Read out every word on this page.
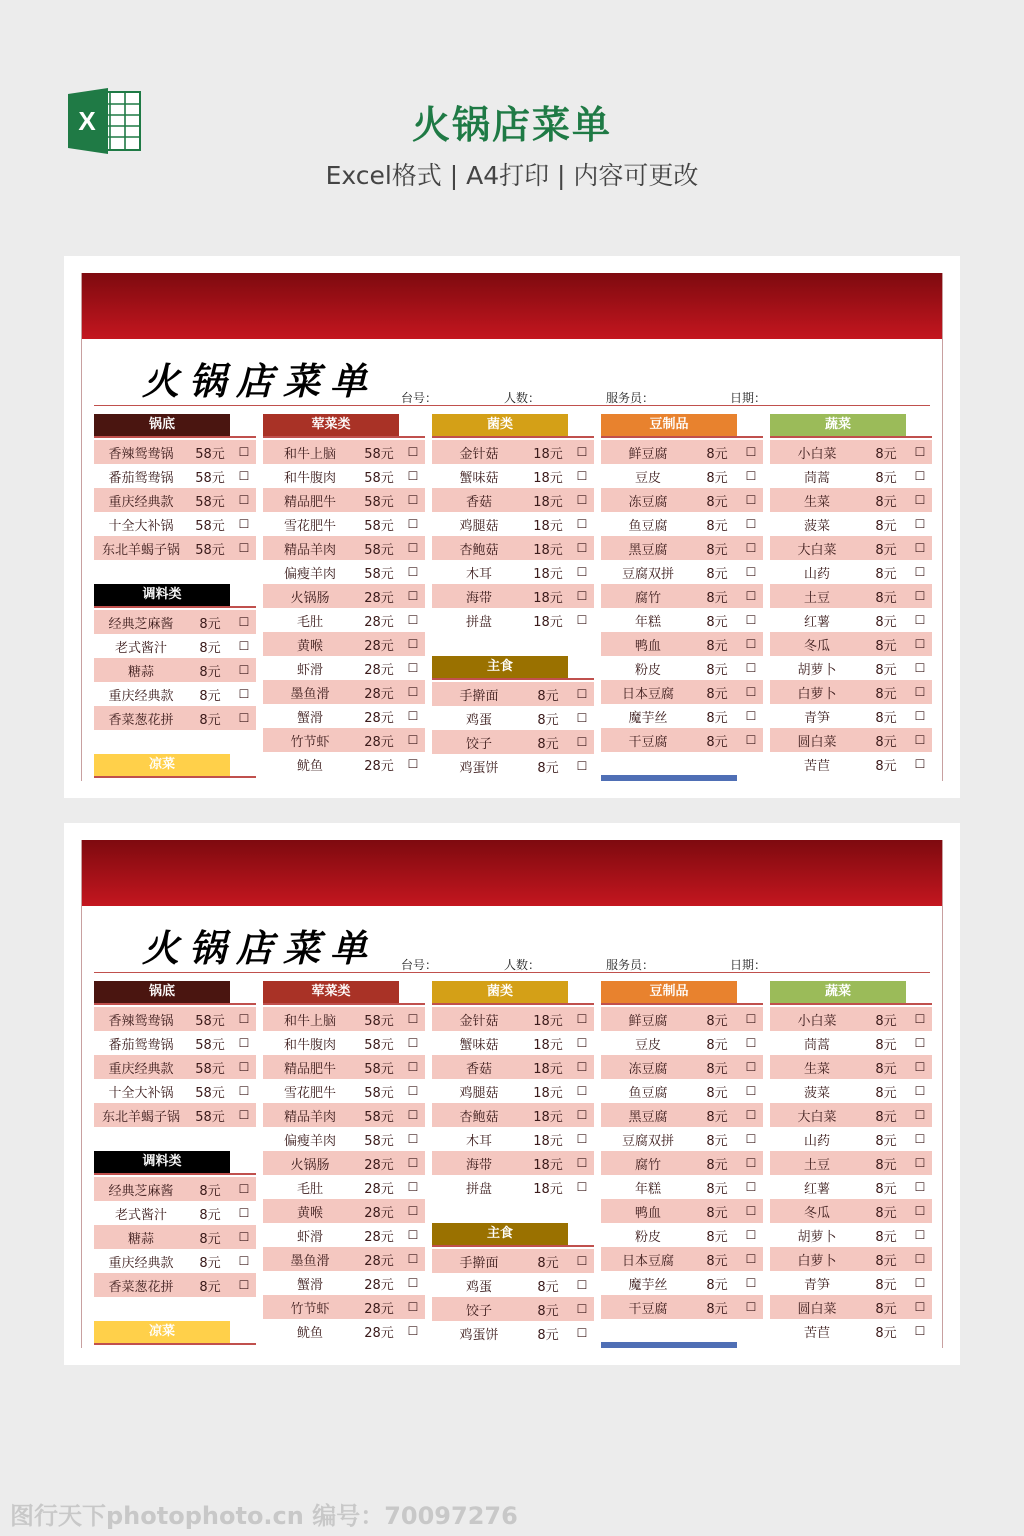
X	火锅店菜单
Excel格式 | A4打印 | 内容可更改
火锅店菜单 台号：	人数：	服务员：	日期：
锅底
香辣鸳鸯锅	58元	☐
番茄鸳鸯锅	58元	☐
重庆经典款	58元	☐
十全大补锅	58元	☐
东北羊蝎子锅	58元	☐
调料类
经典芝麻酱	8元	☐
老式酱汁	8元	☐
糖蒜	8元	☐
重庆经典款	8元	☐
香菜葱花拼	8元	☐
凉菜
荤菜类
和牛上脑	58元	☐
和牛腹肉	58元	☐
精品肥牛	58元	☐
雪花肥牛	58元	☐
精品羊肉	58元	☐
偏瘦羊肉	58元	☐
火锅肠	28元	☐
毛肚	28元	☐
黄喉	28元	☐
虾滑	28元	☐
墨鱼滑	28元	☐
蟹滑	28元	☐
竹节虾	28元	☐
鱿鱼	28元	☐
菌类
金针菇	18元	☐
蟹味菇	18元	☐
香菇	18元	☐
鸡腿菇	18元	☐
杏鲍菇	18元	☐
木耳	18元	☐
海带	18元	☐
拼盘	18元	☐
主食
手擀面	8元	☐
鸡蛋	8元	☐
饺子	8元	☐
鸡蛋饼	8元	☐
豆制品
鲜豆腐	8元	☐
豆皮	8元	☐
冻豆腐	8元	☐
鱼豆腐	8元	☐
黑豆腐	8元	☐
豆腐双拼	8元	☐
腐竹	8元	☐
年糕	8元	☐
鸭血	8元	☐
粉皮	8元	☐
日本豆腐	8元	☐
魔芋丝	8元	☐
干豆腐	8元	☐
蔬菜
小白菜	8元	☐
茼蒿	8元	☐
生菜	8元	☐
菠菜	8元	☐
大白菜	8元	☐
山药	8元	☐
土豆	8元	☐
红薯	8元	☐
冬瓜	8元	☐
胡萝卜	8元	☐
白萝卜	8元	☐
青笋	8元	☐
圆白菜	8元	☐
苦苣	8元	☐
火锅店菜单 台号：	人数：	服务员：	日期：
锅底
香辣鸳鸯锅	58元	☐
番茄鸳鸯锅	58元	☐
重庆经典款	58元	☐
十全大补锅	58元	☐
东北羊蝎子锅	58元	☐
调料类
经典芝麻酱	8元	☐
老式酱汁	8元	☐
糖蒜	8元	☐
重庆经典款	8元	☐
香菜葱花拼	8元	☐
凉菜
荤菜类
和牛上脑	58元	☐
和牛腹肉	58元	☐
精品肥牛	58元	☐
雪花肥牛	58元	☐
精品羊肉	58元	☐
偏瘦羊肉	58元	☐
火锅肠	28元	☐
毛肚	28元	☐
黄喉	28元	☐
虾滑	28元	☐
墨鱼滑	28元	☐
蟹滑	28元	☐
竹节虾	28元	☐
鱿鱼	28元	☐
菌类
金针菇	18元	☐
蟹味菇	18元	☐
香菇	18元	☐
鸡腿菇	18元	☐
杏鲍菇	18元	☐
木耳	18元	☐
海带	18元	☐
拼盘	18元	☐
主食
手擀面	8元	☐
鸡蛋	8元	☐
饺子	8元	☐
鸡蛋饼	8元	☐
豆制品
鲜豆腐	8元	☐
豆皮	8元	☐
冻豆腐	8元	☐
鱼豆腐	8元	☐
黑豆腐	8元	☐
豆腐双拼	8元	☐
腐竹	8元	☐
年糕	8元	☐
鸭血	8元	☐
粉皮	8元	☐
日本豆腐	8元	☐
魔芋丝	8元	☐
干豆腐	8元	☐
蔬菜
小白菜	8元	☐
茼蒿	8元	☐
生菜	8元	☐
菠菜	8元	☐
大白菜	8元	☐
山药	8元	☐
土豆	8元	☐
红薯	8元	☐
冬瓜	8元	☐
胡萝卜	8元	☐
白萝卜	8元	☐
青笋	8元	☐
圆白菜	8元	☐
苦苣	8元	☐
图行天下photophoto.cn 编号：70097276
